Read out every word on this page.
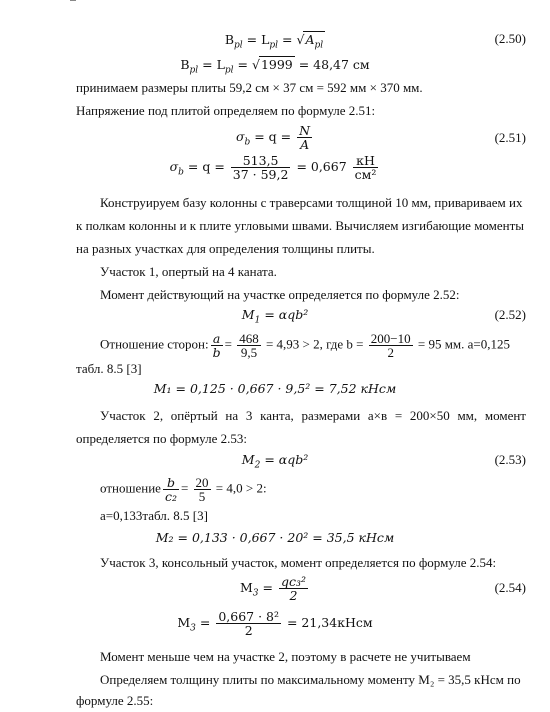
$B_{pl} = L_{pl} = √A_{pl}$	(2.50)
$B_{pl} = L_{pl} = √1999 = 48,47$ см
принимаем размеры плиты 59,2 см × 37 см = 592 мм × 370 мм.
Напряжение под плитой определяем по формуле 2.51:
$\sigma_b = q = \frac{N}{A}$	(2.51)
$\sigma_b = q = \frac{513,5}{37 \cdot 59,2} = 0,667 \frac{кН}{\text{см²}}$
Конструируем базу колонны с траверсами толщиной 10 мм, привариваем их
к полкам колонны и к плите угловыми швами. Вычисляем изгибающие моменты
на разных участках для определения толщины плиты.
Участок 1, опертый на 4 каната.
Момент действующий на участке определяется по формуле 2.52:
$M_1 = \alpha qb^2$	(2.52)
Отношение сторон: $\frac{a}{b} = \frac{468}{9,5} = 4,93 > 2$, где $b = \frac{200-10}{2} = 95$ мм. a=0,125
табл. 8.5 [3]
M₁ = 0,125 · 0,667 · 9,5² = 7,52 кНсм
Участок 2, опёртый на 3 канта, размерами a×в = 200×50 мм, момент
определяется по формуле 2.53:
$M_2 = \alpha qb^2$	(2.53)
отношение $\frac{b}{\text{c₂}} = \frac{20}{5} = 4,0 > 2$:
a=0,133табл. 8.5 [3]
M₂ = 0,133 · 0,667 · 20² = 35,5 кНсм
Участок 3, консольный участок, момент определяется по формуле 2.54:
$M_3 = \frac{\text{qc₃²}}{2}$	(2.54)
$M_3 = \frac{\text{0,667 · 8²}}{2}$ = 21,34кНсм
Момент меньше чем на участке 2, поэтому в расчете не учитываем
Определяем толщину плиты по максимальному моменту M₂ = 35,5 кНсм по
формуле 2.55:
